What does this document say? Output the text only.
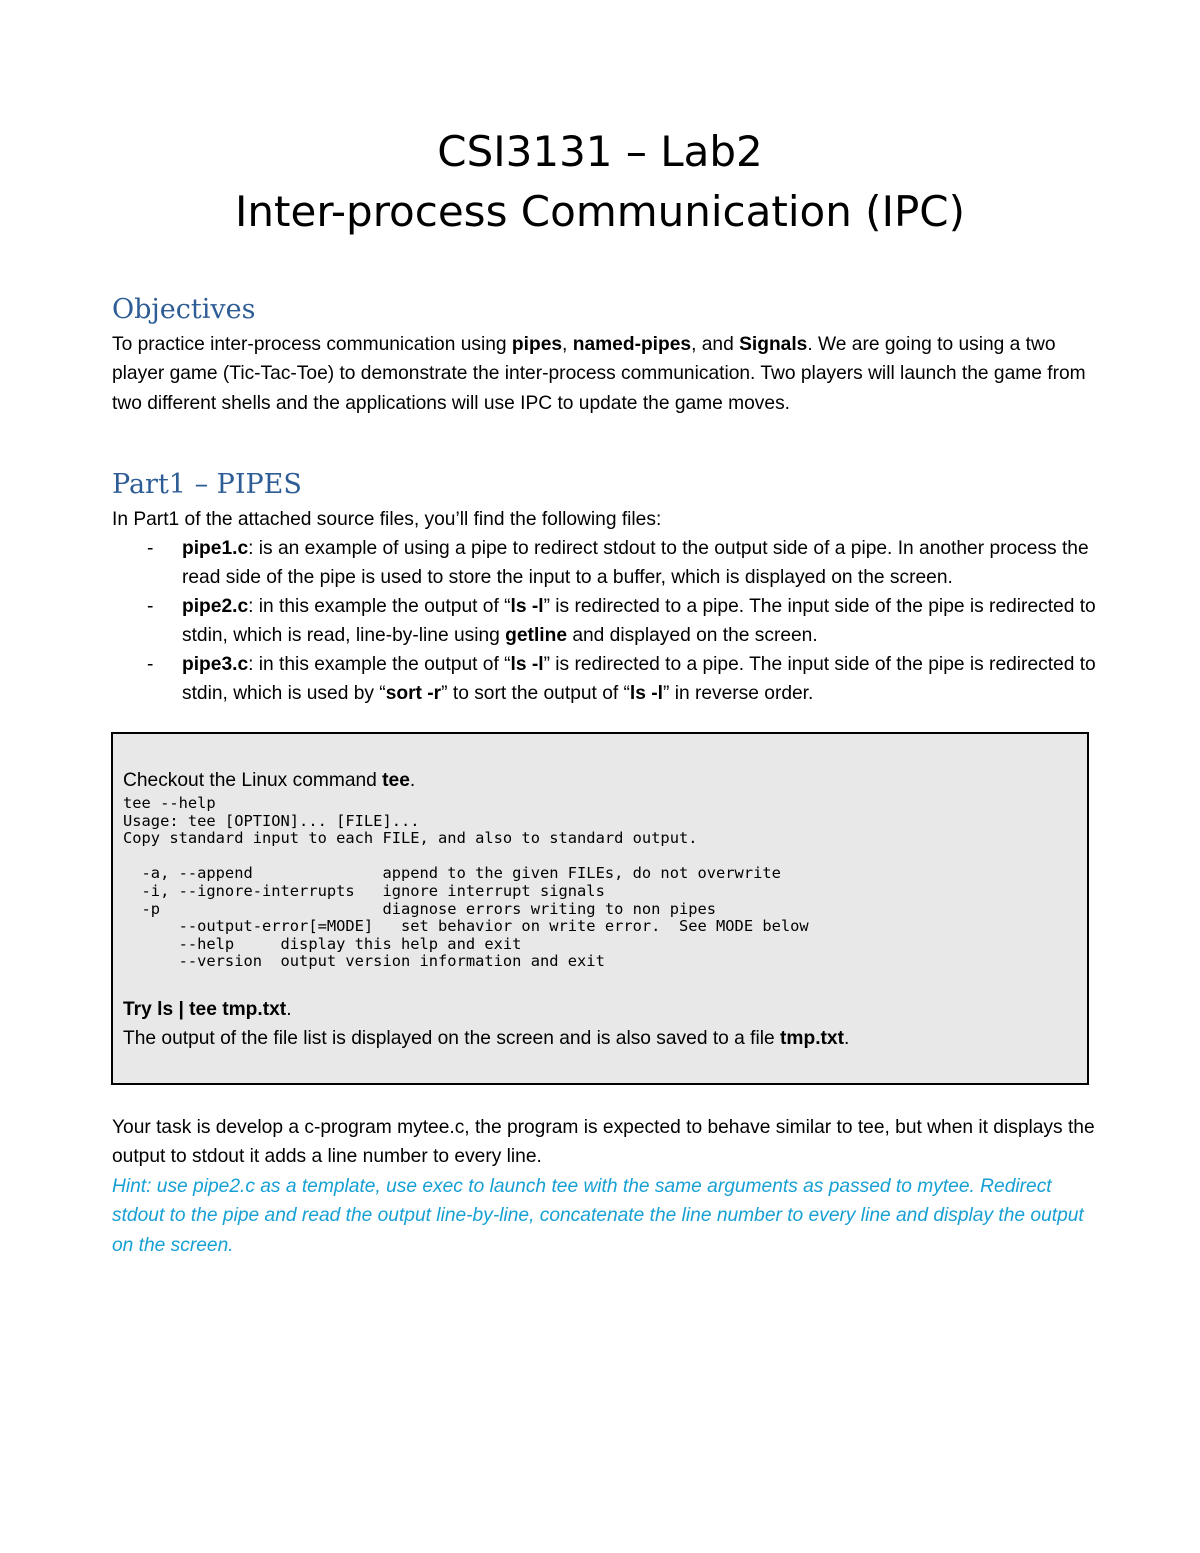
CSI3131 – Lab2
Inter-process Communication (IPC)
Objectives
To practice inter-process communication using pipes, named-pipes, and Signals. We are going to using a two player game (Tic-Tac-Toe) to demonstrate the inter-process communication. Two players will launch the game from two different shells and the applications will use IPC to update the game moves.
Part1 – PIPES
In Part1 of the attached source files, you’ll find the following files:
- pipe1.c: is an example of using a pipe to redirect stdout to the output side of a pipe. In another process the read side of the pipe is used to store the input to a buffer, which is displayed on the screen.
- pipe2.c: in this example the output of “ls -l” is redirected to a pipe. The input side of the pipe is redirected to stdin, which is read, line-by-line using getline and displayed on the screen.
- pipe3.c: in this example the output of “ls -l” is redirected to a pipe. The input side of the pipe is redirected to stdin, which is used by “sort -r” to sort the output of “ls -l” in reverse order.
Checkout the Linux command tee.
tee --help
Usage: tee [OPTION]... [FILE]...
Copy standard input to each FILE, and also to standard output.

-a, --append              append to the given FILEs, do not overwrite
-i, --ignore-interrupts   ignore interrupt signals
-p                        diagnose errors writing to non pipes
--output-error[=MODE]   set behavior on write error.  See MODE below
--help     display this help and exit
--version  output version information and exit
Try ls | tee tmp.txt.
The output of the file list is displayed on the screen and is also saved to a file tmp.txt.
Your task is develop a c-program mytee.c, the program is expected to behave similar to tee, but when it displays the output to stdout it adds a line number to every line.
Hint: use pipe2.c as a template, use exec to launch tee with the same arguments as passed to mytee. Redirect stdout to the pipe and read the output line-by-line, concatenate the line number to every line and display the output on the screen.
